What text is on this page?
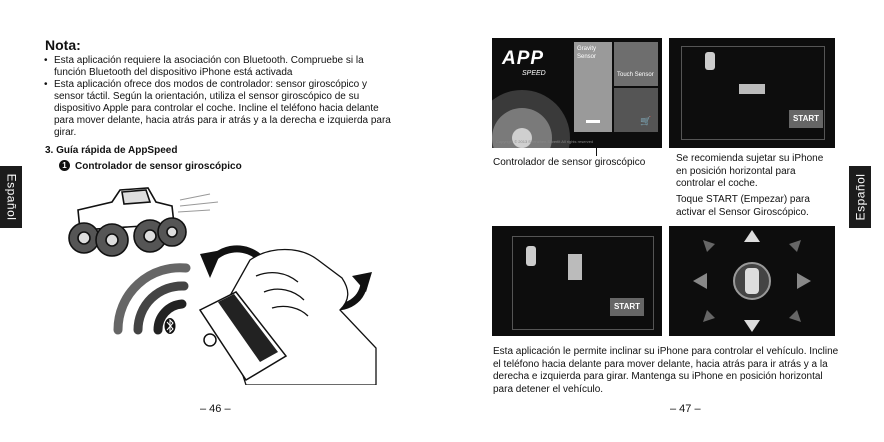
Español	Español
Nota:
• Esta aplicación requiere la asociación con Bluetooth. Compruebe si la función Bluetooth del dispositivo iPhone está activada
• Esta aplicación ofrece dos modos de controlador: sensor giroscópico y sensor táctil. Según la orientación, utiliza el sensor giroscópico de su dispositivo Apple para controlar el coche. Incline el teléfono hacia delante para mover delante, hacia atrás para ir atrás y a la derecha e izquierda para girar.
3. Guía rápida de AppSpeed
1 Controlador de sensor giroscópico
– 46 –
APP
SPEED
Gravity Sensor
Touch Sensor
🛒
Copyright © 2013 Shenzhen Silverlit All rights reserved
Controlador de sensor giroscópico
START
Se recomienda sujetar su iPhone en posición horizontal para controlar el coche.
Toque START (Empezar) para activar el Sensor Giroscópico.
START
Esta aplicación le permite inclinar su iPhone para controlar el vehículo. Incline el teléfono hacia delante para mover delante, hacia atrás para ir atrás y a la derecha e izquierda para girar. Mantenga su iPhone en posición horizontal para detener el vehículo.
– 47 –
